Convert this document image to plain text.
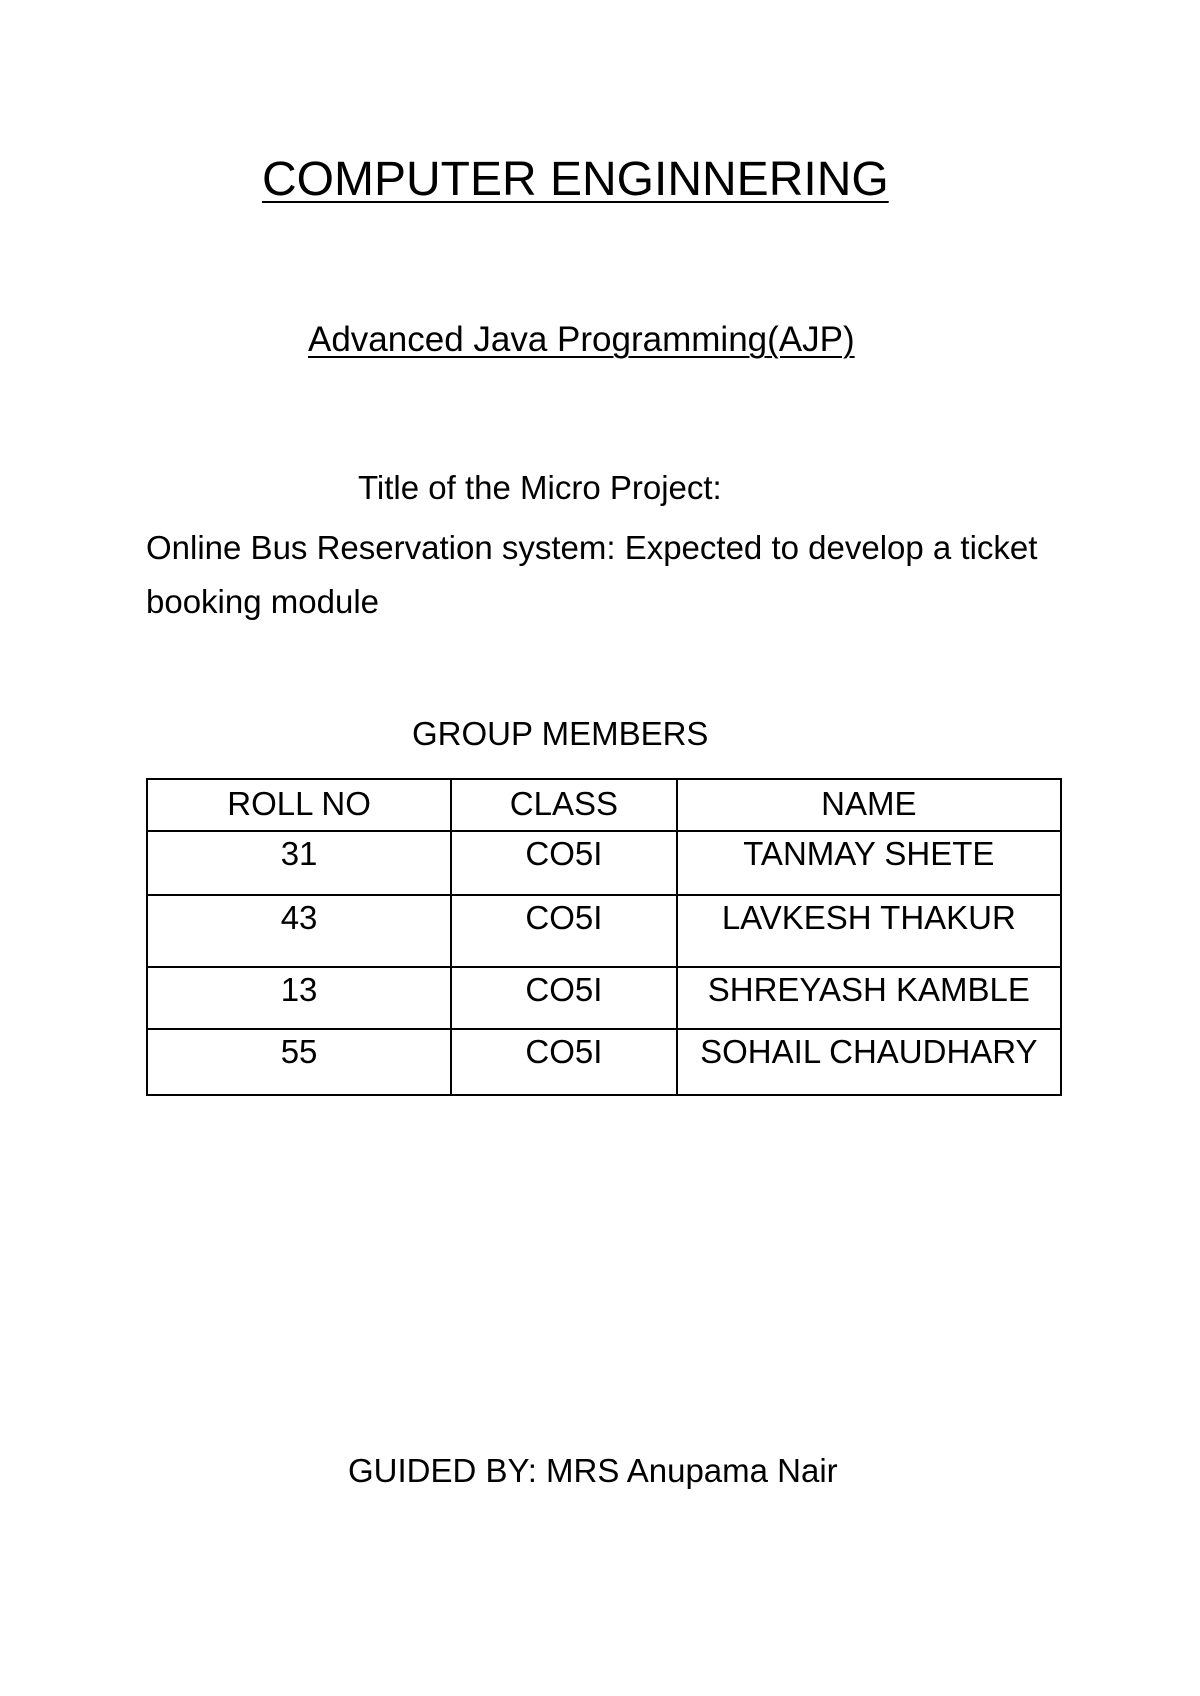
COMPUTER ENGINNERING
Advanced Java Programming(AJP)
Title of the Micro Project:
Online Bus Reservation system: Expected to develop a ticket booking module
GROUP MEMBERS
ROLL NO	CLASS	NAME
31	CO5I	TANMAY SHETE
43	CO5I	LAVKESH THAKUR
13	CO5I	SHREYASH KAMBLE
55	CO5I	SOHAIL CHAUDHARY
GUIDED BY: MRS Anupama Nair
